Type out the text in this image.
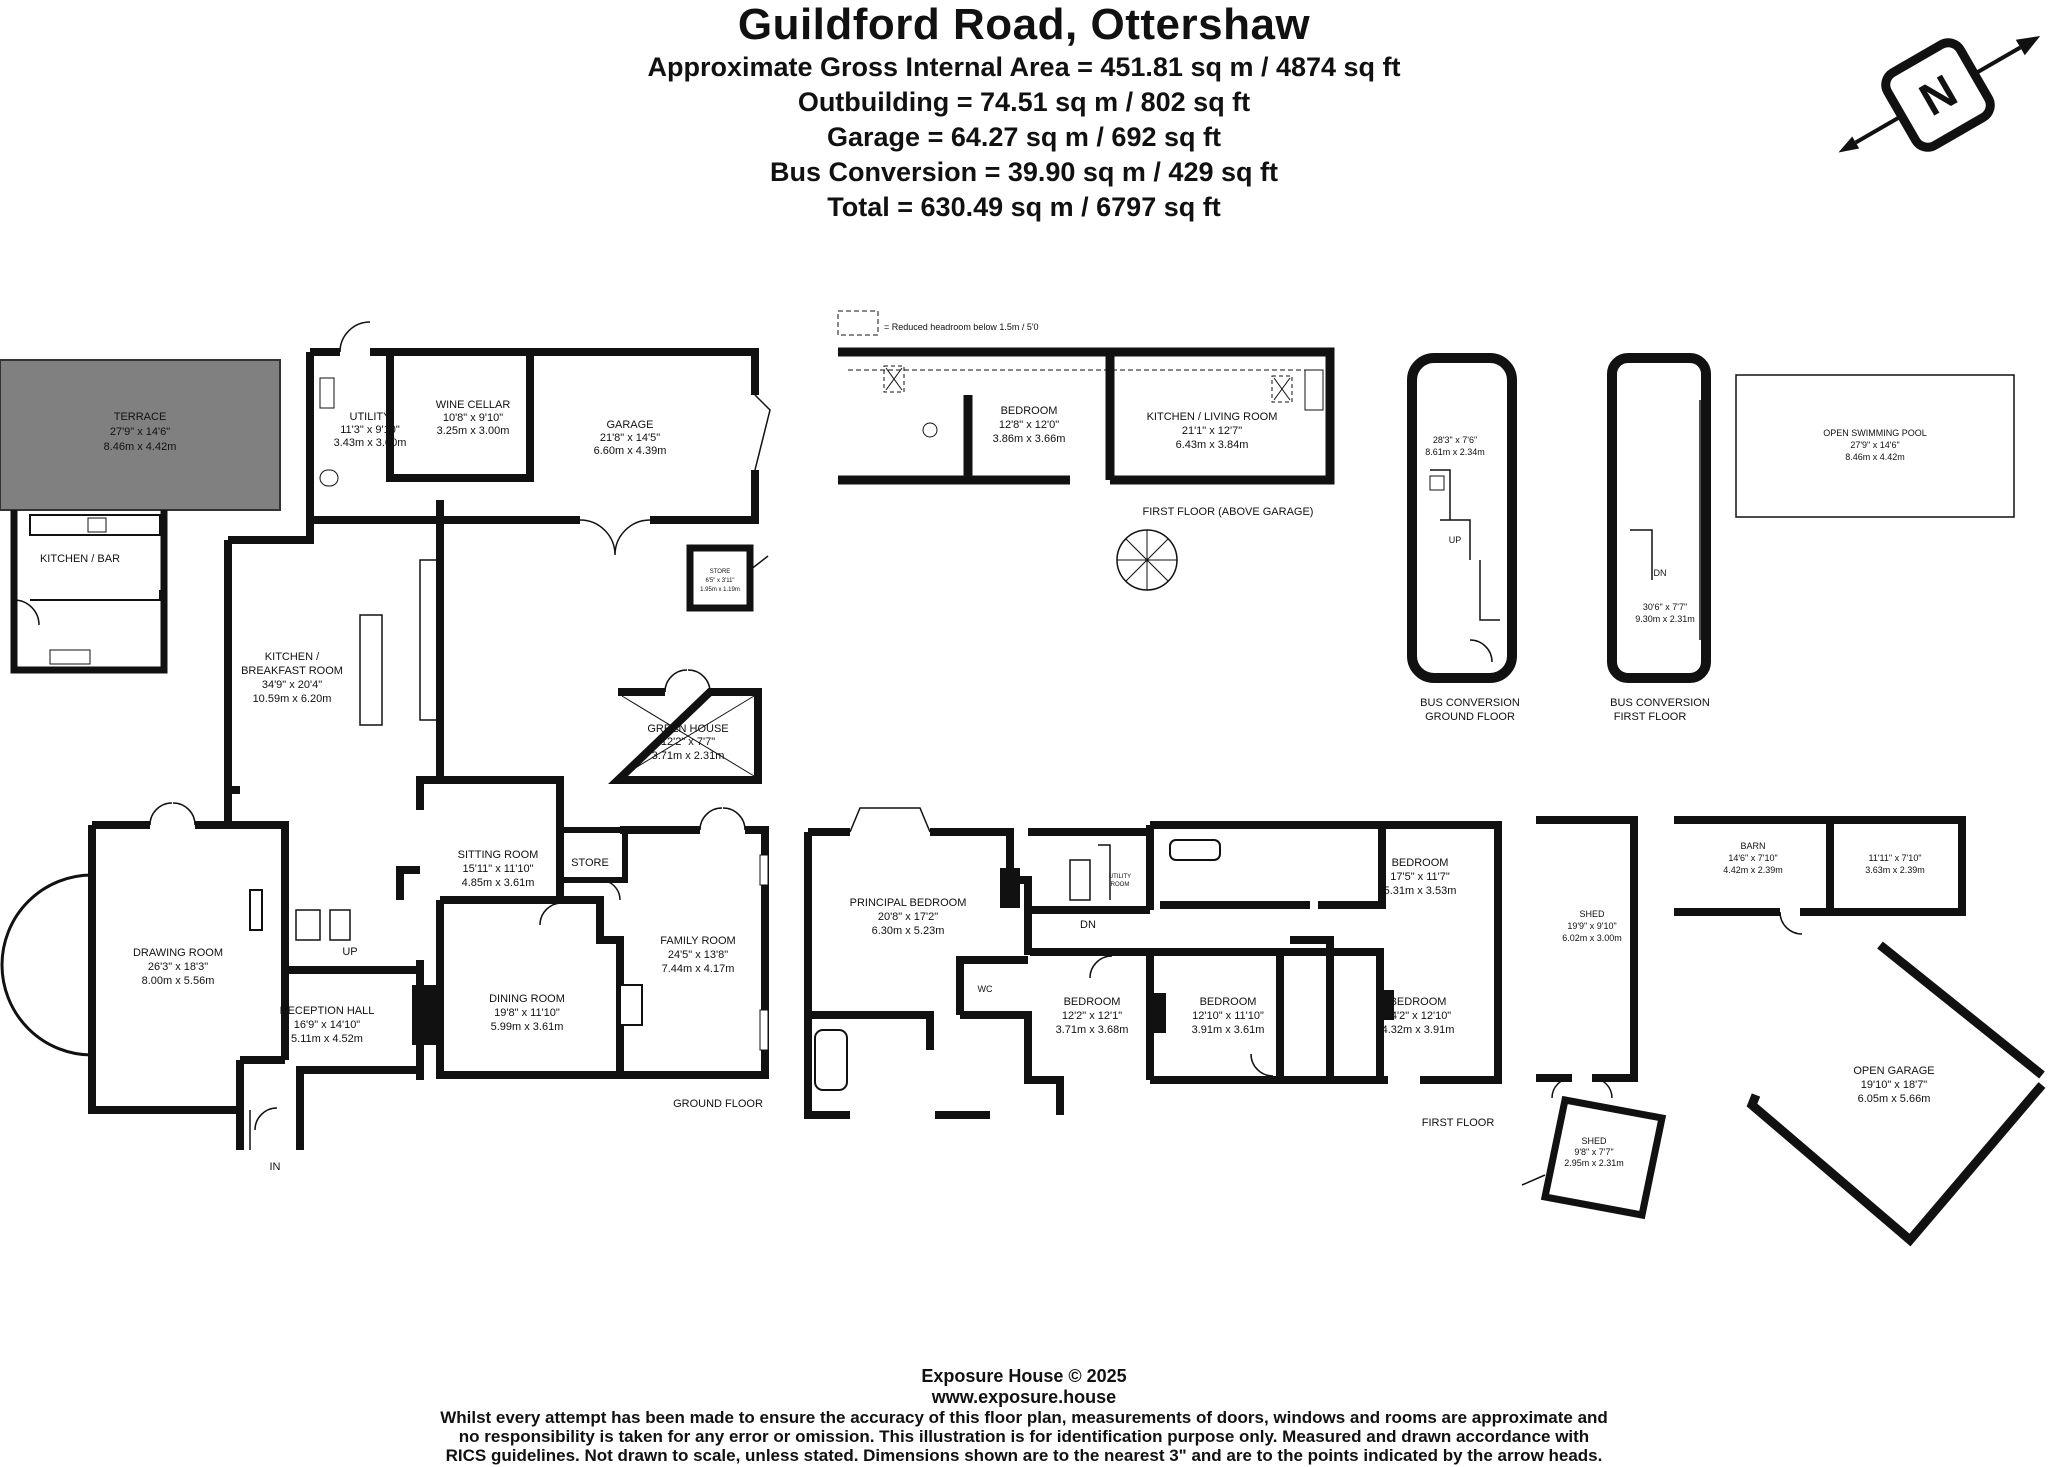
Guildford Road, Ottershaw
Approximate Gross Internal Area = 451.81 sq m / 4874 sq ft
Outbuilding = 74.51 sq m / 802 sq ft
Garage = 64.27 sq m / 692 sq ft
Bus Conversion = 39.90 sq m / 429 sq ft
Total = 630.49 sq m / 6797 sq ft
N
= Reduced headroom below 1.5m / 5'0
TERRACE
27'9" x 14'6"
8.46m x 4.42m
KITCHEN / BAR
UTILITY
11'3" x 9'10"
3.43m x 3.00m
WINE CELLAR
10'8" x 9'10"
3.25m x 3.00m	GARAGE
21'8" x 14'5"
6.60m x 4.39m
STORE
6'5" x 3'11"
1.95m x 1.19m
KITCHEN /
BREAKFAST ROOM
34'9" x 20'4"
10.59m x 6.20m
GREEN HOUSE
12'2" x 7'7"
3.71m x 2.31m
SITTING ROOM
15'11" x 11'10"
4.85m x 3.61m
STORE
FAMILY ROOM
24'5" x 13'8"
7.44m x 4.17m
DRAWING ROOM
26'3" x 18'3"
8.00m x 5.56m
RECEPTION HALL
16'9" x 14'10"
5.11m x 4.52m
DINING ROOM
19'8" x 11'10"
5.99m x 3.61m
BEDROOM
12'8" x 12'0"
3.86m x 3.66m
KITCHEN / LIVING ROOM
21'1" x 12'7"
6.43m x 3.84m	28'3" x 7'6"
8.61m x 2.34m
30'6" x 7'7"
9.30m x 2.31m
OPEN SWIMMING POOL
27'9" x 14'6"
8.46m x 4.42m
PRINCIPAL BEDROOM
20'8" x 17'2"
6.30m x 5.23m
UTILITY
ROOM
WC
BEDROOM
17'5" x 11'7"
5.31m x 3.53m
BEDROOM
12'2" x 12'1"
3.71m x 3.68m
BEDROOM
12'10" x 11'10"
3.91m x 3.61m
BEDROOM
14'2" x 12'10"
4.32m x 3.91m
SHED
19'9" x 9'10"
6.02m x 3.00m
SHED
9'8" x 7'7"
2.95m x 2.31m
BARN
14'6" x 7'10"
4.42m x 2.39m
11'11" x 7'10"
3.63m x 2.39m
OPEN GARAGE
19'10" x 18'7"
6.05m x 5.66m
UP
UP
DN
DN
IN
GROUND FLOOR
FIRST FLOOR
FIRST FLOOR (ABOVE GARAGE)
BUS CONVERSION
GROUND FLOOR
BUS CONVERSION
FIRST FLOOR
Exposure House © 2025
www.exposure.house
Whilst every attempt has been made to ensure the accuracy of this floor plan, measurements of doors, windows and rooms are approximate and
no responsibility is taken for any error or omission. This illustration is for identification purpose only. Measured and drawn accordance with
RICS guidelines. Not drawn to scale, unless stated. Dimensions shown are to the nearest 3" and are to the points indicated by the arrow heads.
